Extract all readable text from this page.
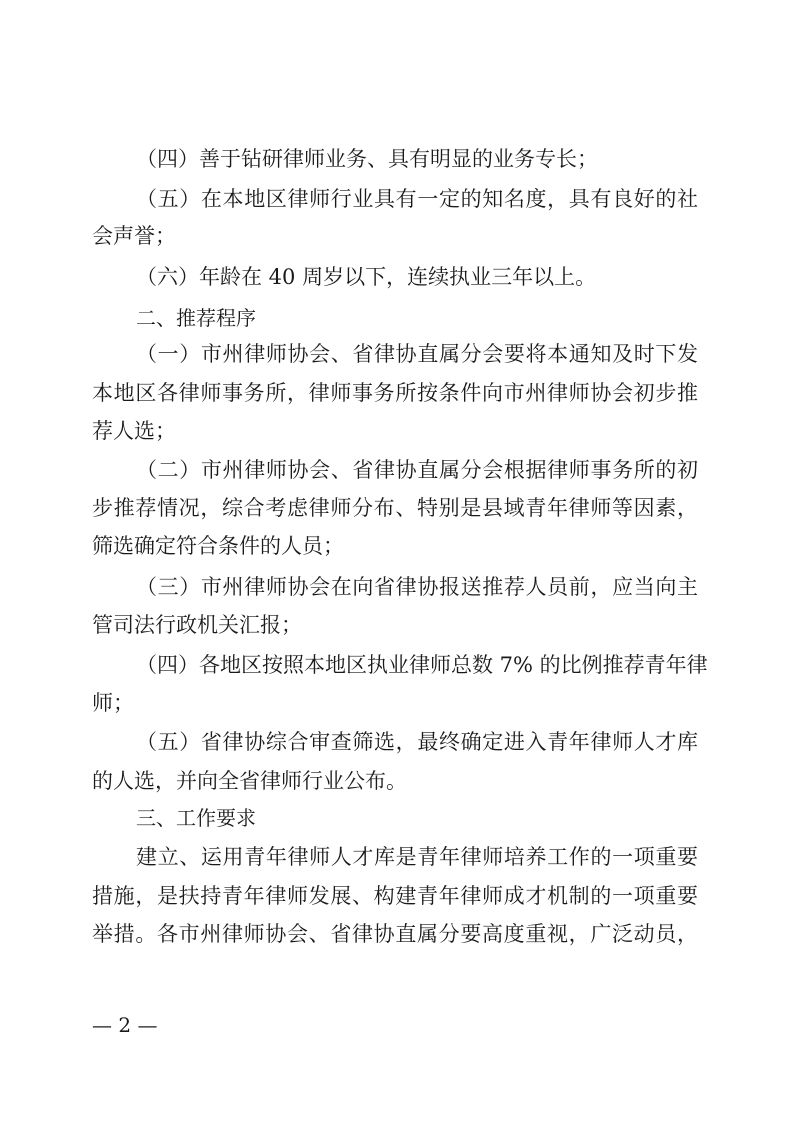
（四）善于钻研律师业务、具有明显的业务专长；
（五）在本地区律师行业具有一定的知名度，具有良好的社
会声誉；
（六）年龄在 40 周岁以下，连续执业三年以上。
二、推荐程序
（一）市州律师协会、省律协直属分会要将本通知及时下发
本地区各律师事务所，律师事务所按条件向市州律师协会初步推
荐人选；
（二）市州律师协会、省律协直属分会根据律师事务所的初
步推荐情况，综合考虑律师分布、特别是县域青年律师等因素，
筛选确定符合条件的人员；
（三）市州律师协会在向省律协报送推荐人员前，应当向主
管司法行政机关汇报；
（四）各地区按照本地区执业律师总数 7% 的比例推荐青年律
师；
（五）省律协综合审查筛选，最终确定进入青年律师人才库
的人选，并向全省律师行业公布。
三、工作要求
建立、运用青年律师人才库是青年律师培养工作的一项重要
措施，是扶持青年律师发展、构建青年律师成才机制的一项重要
举措。各市州律师协会、省律协直属分要高度重视，广泛动员，
— 2 —
